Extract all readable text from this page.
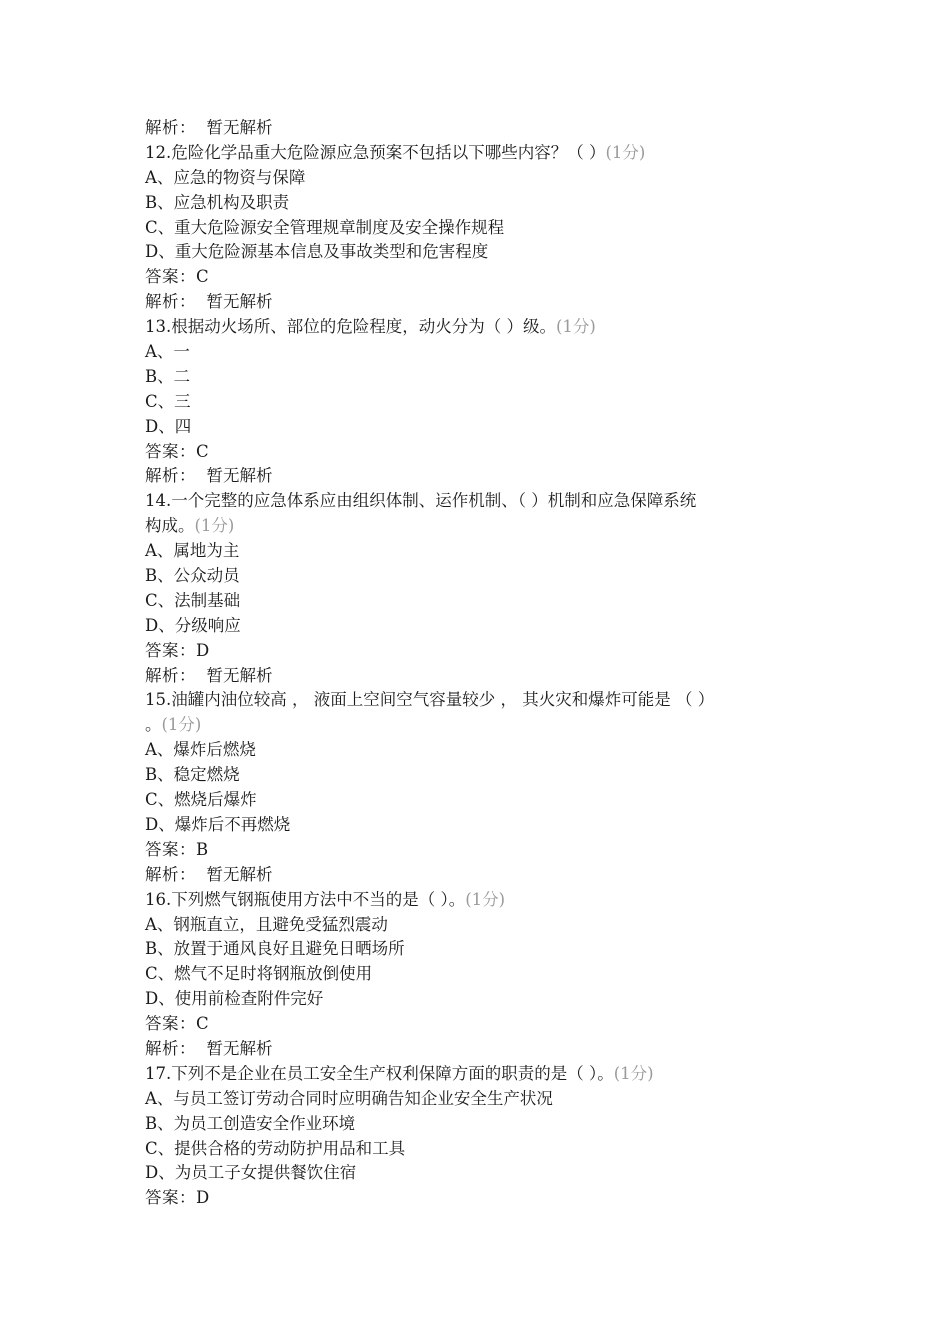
解析： 暂无解析
12.危险化学品重大危险源应急预案不包括以下哪些内容？（ ）(1分)
A、应急的物资与保障
B、应急机构及职责
C、重大危险源安全管理规章制度及安全操作规程
D、重大危险源基本信息及事故类型和危害程度
答案：C
解析： 暂无解析
13.根据动火场所、部位的危险程度，动火分为（ ）级。(1分)
A、一
B、二
C、三
D、四
答案：C
解析： 暂无解析
14.一个完整的应急体系应由组织体制、运作机制、（ ）机制和应急保障系统
构成。(1分)
A、属地为主
B、公众动员
C、法制基础
D、分级响应
答案：D
解析： 暂无解析
15.油罐内油位较高 ， 液面上空间空气容量较少 ， 其火灾和爆炸可能是 （ ）
。(1分)
A、爆炸后燃烧
B、稳定燃烧
C、燃烧后爆炸
D、爆炸后不再燃烧
答案：B
解析： 暂无解析
16.下列燃气钢瓶使用方法中不当的是（ ）。(1分)
A、钢瓶直立，且避免受猛烈震动
B、放置于通风良好且避免日晒场所
C、燃气不足时将钢瓶放倒使用
D、使用前检查附件完好
答案：C
解析： 暂无解析
17.下列不是企业在员工安全生产权利保障方面的职责的是（ ）。(1分)
A、与员工签订劳动合同时应明确告知企业安全生产状况
B、为员工创造安全作业环境
C、提供合格的劳动防护用品和工具
D、为员工子女提供餐饮住宿
答案：D
